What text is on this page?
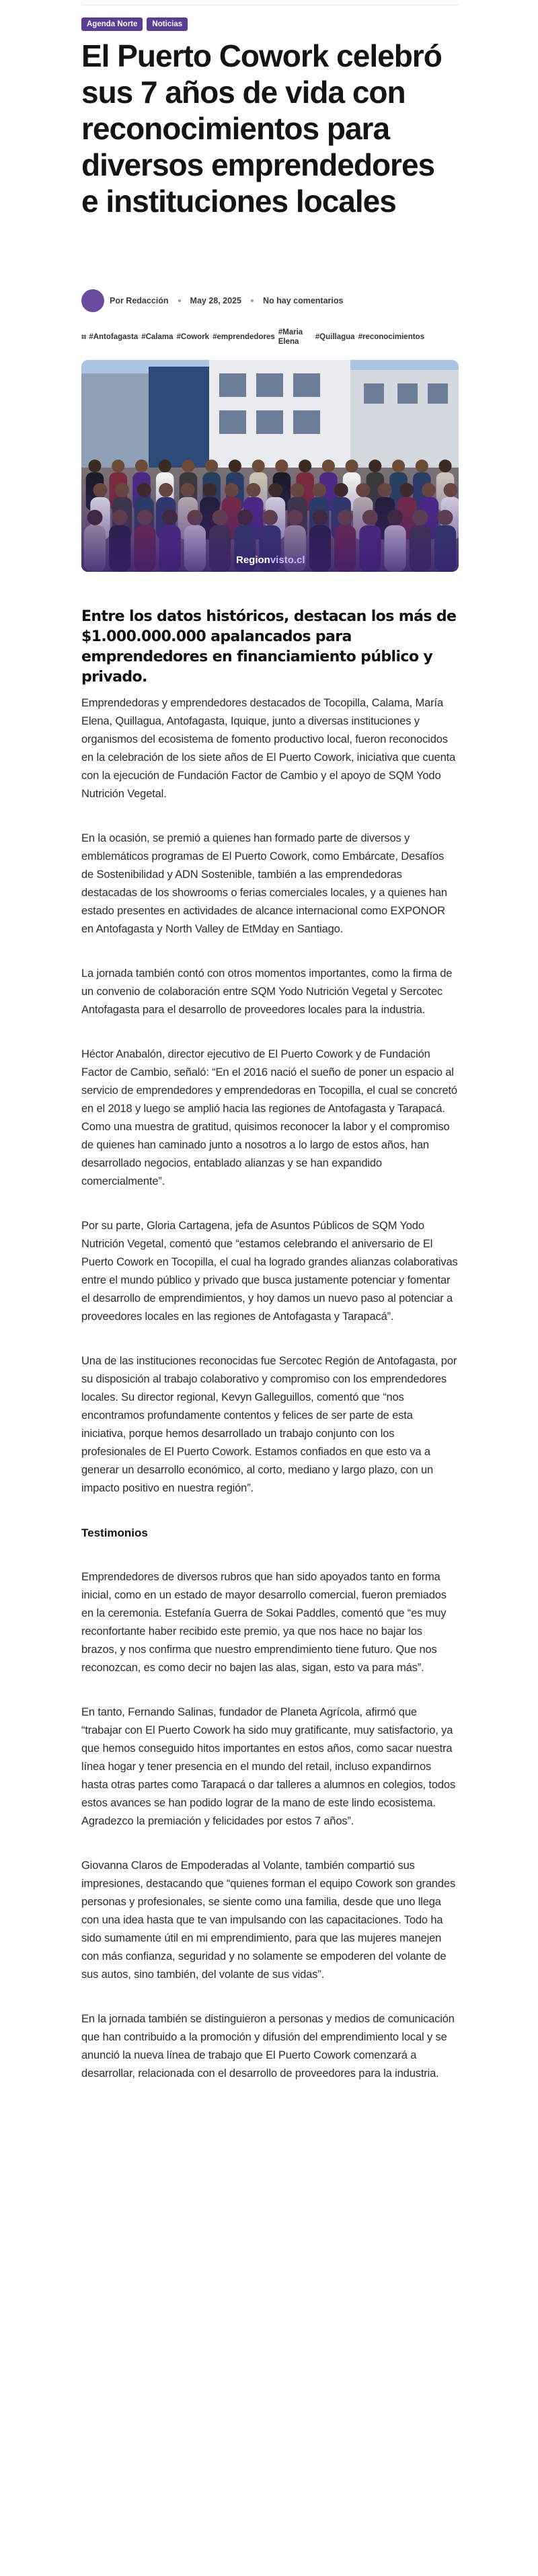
Agenda Norte	Noticias
El Puerto Cowork celebró sus 7 años de vida con reconocimientos para diversos emprendedores e instituciones locales
Por Redacción	May 28, 2025	No hay comentarios
⌗ #Antofagasta #Calama #Cowork #emprendedores
#Maria Elena
#Quillagua #reconocimientos
Regionvisto.cl

Entre los datos históricos, destacan los más de $1.000.000.000 apalancados para emprendedores en financiamiento público y privado.

Emprendedoras y emprendedores destacados de Tocopilla, Calama, María Elena, Quillagua, Antofagasta, Iquique, junto a diversas instituciones y organismos del ecosistema de fomento productivo local, fueron reconocidos en la celebración de los siete años de El Puerto Cowork, iniciativa que cuenta con la ejecución de Fundación Factor de Cambio y el apoyo de SQM Yodo Nutrición Vegetal.

En la ocasión, se premió a quienes han formado parte de diversos y emblemáticos programas de El Puerto Cowork, como Embárcate, Desafíos de Sostenibilidad y ADN Sostenible, también a las emprendedoras destacadas de los showrooms o ferias comerciales locales, y a quienes han estado presentes en actividades de alcance internacional como EXPONOR en Antofagasta y North Valley de EtMday en Santiago.

La jornada también contó con otros momentos importantes, como la firma de un convenio de colaboración entre SQM Yodo Nutrición Vegetal y Sercotec Antofagasta para el desarrollo de proveedores locales para la industria.

Héctor Anabalón, director ejecutivo de El Puerto Cowork y de Fundación Factor de Cambio, señaló: “En el 2016 nació el sueño de poner un espacio al servicio de emprendedores y emprendedoras en Tocopilla, el cual se concretó en el 2018 y luego se amplió hacia las regiones de Antofagasta y Tarapacá. Como una muestra de gratitud, quisimos reconocer la labor y el compromiso de quienes han caminado junto a nosotros a lo largo de estos años, han desarrollado negocios, entablado alianzas y se han expandido comercialmente”.

Por su parte, Gloria Cartagena, jefa de Asuntos Públicos de SQM Yodo Nutrición Vegetal, comentó que “estamos celebrando el aniversario de El Puerto Cowork en Tocopilla, el cual ha logrado grandes alianzas colaborativas entre el mundo público y privado que busca justamente potenciar y fomentar el desarrollo de emprendimientos, y hoy damos un nuevo paso al potenciar a proveedores locales en las regiones de Antofagasta y Tarapacá”.

Una de las instituciones reconocidas fue Sercotec Región de Antofagasta, por su disposición al trabajo colaborativo y compromiso con los emprendedores locales. Su director regional, Kevyn Galleguillos, comentó que “nos encontramos profundamente contentos y felices de ser parte de esta iniciativa, porque hemos desarrollado un trabajo conjunto con los profesionales de El Puerto Cowork. Estamos confiados en que esto va a generar un desarrollo económico, al corto, mediano y largo plazo, con un impacto positivo en nuestra región”.

Testimonios

Emprendedores de diversos rubros que han sido apoyados tanto en forma inicial, como en un estado de mayor desarrollo comercial, fueron premiados en la ceremonia. Estefanía Guerra de Sokai Paddles, comentó que “es muy reconfortante haber recibido este premio, ya que nos hace no bajar los brazos, y nos confirma que nuestro emprendimiento tiene futuro. Que nos reconozcan, es como decir no bajen las alas, sigan, esto va para más”.

En tanto, Fernando Salinas, fundador de Planeta Agrícola, afirmó que “trabajar con El Puerto Cowork ha sido muy gratificante, muy satisfactorio, ya que hemos conseguido hitos importantes en estos años, como sacar nuestra línea hogar y tener presencia en el mundo del retail, incluso expandirnos hasta otras partes como Tarapacá o dar talleres a alumnos en colegios, todos estos avances se han podido lograr de la mano de este lindo ecosistema. Agradezco la premiación y felicidades por estos 7 años”.

Giovanna Claros de Empoderadas al Volante, también compartió sus impresiones, destacando que “quienes forman el equipo Cowork son grandes personas y profesionales, se siente como una familia, desde que uno llega con una idea hasta que te van impulsando con las capacitaciones. Todo ha sido sumamente útil en mi emprendimiento, para que las mujeres manejen con más confianza, seguridad y no solamente se empoderen del volante de sus autos, sino también, del volante de sus vidas”.

En la jornada también se distinguieron a personas y medios de comunicación que han contribuido a la promoción y difusión del emprendimiento local y se anunció la nueva línea de trabajo que El Puerto Cowork comenzará a desarrollar, relacionada con el desarrollo de proveedores para la industria.
